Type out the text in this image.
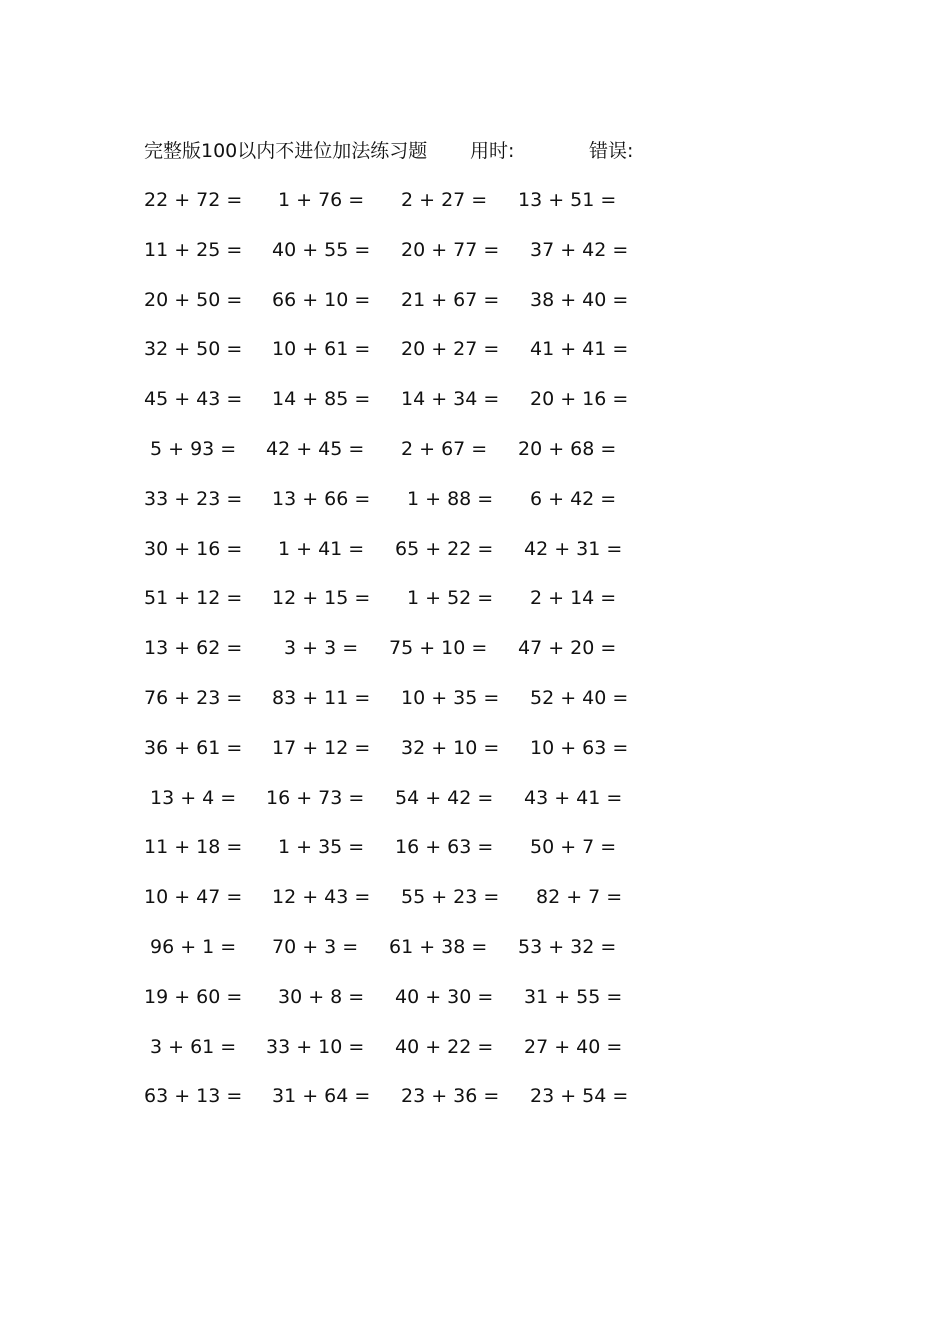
完整版100以内不进位加法练习题 用时:	错误:
22 + 72 = 1 + 76 = 2 + 27 = 13 + 51 =
11 + 25 = 40 + 55 = 20 + 77 = 37 + 42 =
20 + 50 = 66 + 10 = 21 + 67 = 38 + 40 =
32 + 50 = 10 + 61 = 20 + 27 = 41 + 41 =
45 + 43 = 14 + 85 = 14 + 34 = 20 + 16 =
5 + 93 = 42 + 45 = 2 + 67 = 20 + 68 =
33 + 23 = 13 + 66 = 1 + 88 = 6 + 42 =
30 + 16 = 1 + 41 = 65 + 22 = 42 + 31 =
51 + 12 = 12 + 15 = 1 + 52 = 2 + 14 =
13 + 62 = 3 + 3 = 75 + 10 = 47 + 20 =
76 + 23 = 83 + 11 = 10 + 35 = 52 + 40 =
36 + 61 = 17 + 12 = 32 + 10 = 10 + 63 =
13 + 4 = 16 + 73 = 54 + 42 = 43 + 41 =
11 + 18 = 1 + 35 = 16 + 63 = 50 + 7 =
10 + 47 = 12 + 43 = 55 + 23 = 82 + 7 =
96 + 1 = 70 + 3 = 61 + 38 = 53 + 32 =
19 + 60 = 30 + 8 = 40 + 30 = 31 + 55 =
3 + 61 = 33 + 10 = 40 + 22 = 27 + 40 =
63 + 13 = 31 + 64 = 23 + 36 = 23 + 54 =
